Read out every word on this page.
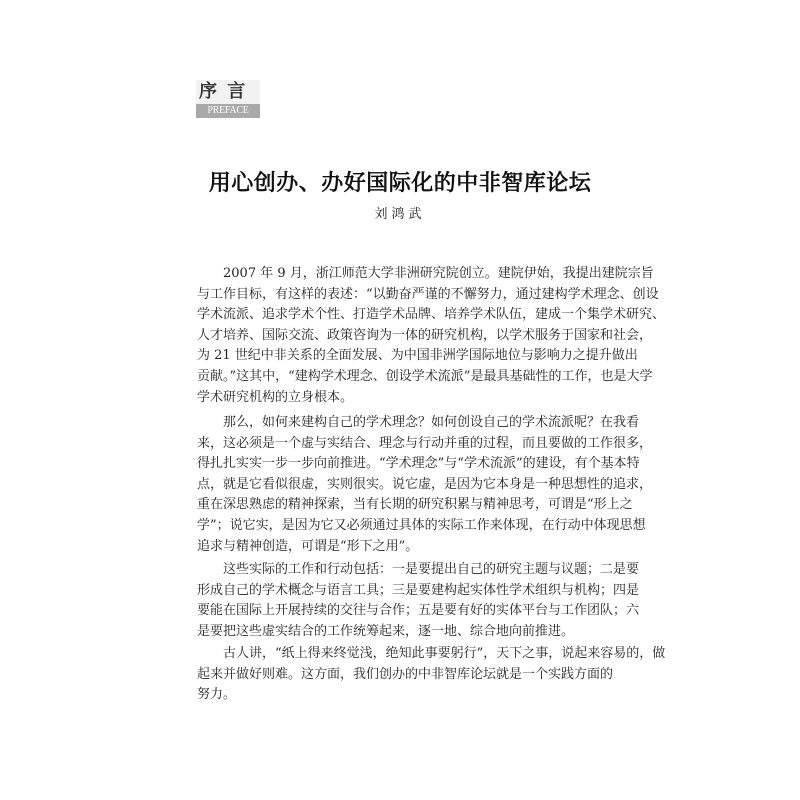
序 言
PREFACE
用心创办、办好国际化的中非智库论坛
刘鸿武
2007 年 9 月，浙江师范大学非洲研究院创立。建院伊始，我提出建院宗旨
与工作目标，有这样的表述：“以勤奋严谨的不懈努力，通过建构学术理念、创设
学术流派、追求学术个性、打造学术品牌、培养学术队伍，建成一个集学术研究、
人才培养、国际交流、政策咨询为一体的研究机构，以学术服务于国家和社会，
为 21 世纪中非关系的全面发展、为中国非洲学国际地位与影响力之提升做出
贡献。”这其中，“建构学术理念、创设学术流派”是最具基础性的工作，也是大学
学术研究机构的立身根本。
那么，如何来建构自己的学术理念？如何创设自己的学术流派呢？在我看
来，这必须是一个虚与实结合、理念与行动并重的过程，而且要做的工作很多，
得扎扎实实一步一步向前推进。“学术理念”与“学术流派”的建设，有个基本特
点，就是它看似很虚，实则很实。说它虚，是因为它本身是一种思想性的追求，
重在深思熟虑的精神探索，当有长期的研究积累与精神思考，可谓是“形上之
学”；说它实，是因为它又必须通过具体的实际工作来体现，在行动中体现思想
追求与精神创造，可谓是“形下之用”。
这些实际的工作和行动包括：一是要提出自己的研究主题与议题；二是要
形成自己的学术概念与语言工具；三是要建构起实体性学术组织与机构；四是
要能在国际上开展持续的交往与合作；五是要有好的实体平台与工作团队；六
是要把这些虚实结合的工作统筹起来，逐一地、综合地向前推进。
古人讲，“纸上得来终觉浅，绝知此事要躬行”，天下之事，说起来容易的，做
起来并做好则难。这方面，我们创办的中非智库论坛就是一个实践方面的
努力。
